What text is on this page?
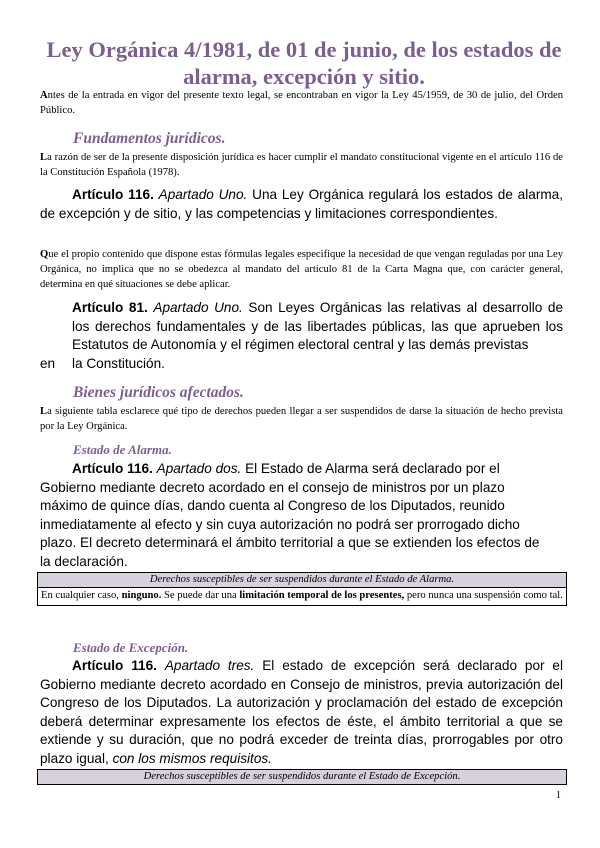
Ley Orgánica 4/1981, de 01 de junio, de los estados de alarma, excepción y sitio.

Antes de la entrada en vigor del presente texto legal, se encontraban en vigor la Ley 45/1959, de 30 de julio, del Orden Público.

Fundamentos jurídicos.

La razón de ser de la presente disposición jurídica es hacer cumplir el mandato constitucional vigente en el artículo 116 de la Constitución Española (1978).

Artículo 116. Apartado Uno. Una Ley Orgánica regulará los estados de alarma, de excepción y de sitio, y las competencias y limitaciones correspondientes.

Que el propio contenido que dispone estas fórmulas legales especifique la necesidad de que vengan reguladas por una Ley Orgánica, no implica que no se obedezca al mandato del artículo 81 de la Carta Magna que, con carácter general, determina en qué situaciones se debe aplicar.

Artículo 81. Apartado Uno. Son Leyes Orgánicas las relativas al desarrollo de los derechos fundamentales y de las libertades públicas, las que aprueben los Estatutos de Autonomía y el régimen electoral central y las demás previstas
en la Constitución.
Bienes jurídicos afectados.

La siguiente tabla esclarece qué tipo de derechos pueden llegar a ser suspendidos de darse la situación de hecho prevista por la Ley Orgánica.

Estado de Alarma.

Artículo 116. Apartado dos. El Estado de Alarma será declarado por el Gobierno mediante decreto acordado en el consejo de ministros por un plazo máximo de quince días, dando cuenta al Congreso de los Diputados, reunido inmediatamente al efecto y sin cuya autorización no podrá ser prorrogado dicho plazo. El decreto determinará el ámbito territorial a que se extienden los efectos de la declaración.

Derechos susceptibles de ser suspendidos durante el Estado de Alarma.
En cualquier caso, ninguno. Se puede dar una limitación temporal de los presentes, pero nunca una suspensión como tal.
Estado de Excepción.

Artículo 116. Apartado tres. El estado de excepción será declarado por el Gobierno mediante decreto acordado en Consejo de ministros, previa autorización del Congreso de los Diputados. La autorización y proclamación del estado de excepción deberá determinar expresamente los efectos de éste, el ámbito territorial a que se extiende y su duración, que no podrá exceder de treinta días, prorrogables por otro plazo igual, con los mismos requisitos.

Derechos susceptibles de ser suspendidos durante el Estado de Excepción.
1
